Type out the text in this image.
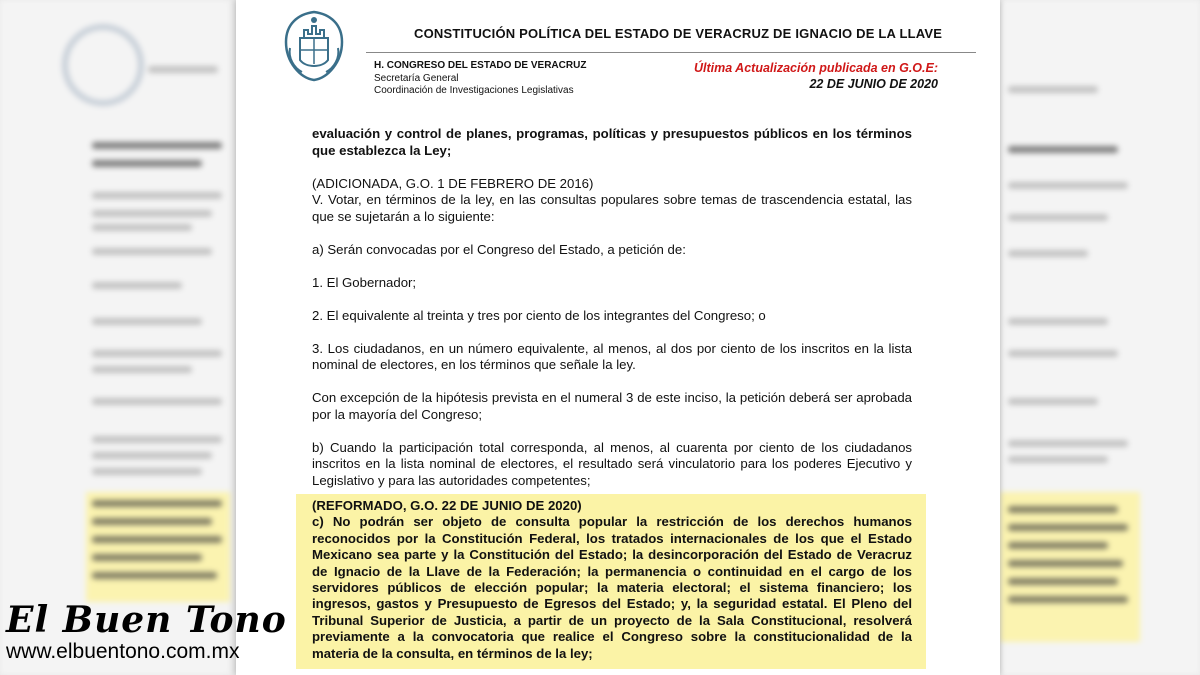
CONSTITUCIÓN POLÍTICA DEL ESTADO DE VERACRUZ DE IGNACIO DE LA LLAVE
H. CONGRESO DEL ESTADO DE VERACRUZ
Secretaría General
Coordinación de Investigaciones Legislativas
Última Actualización publicada en G.O.E:
22 DE JUNIO DE 2020

evaluación y control de planes, programas, políticas y presupuestos públicos en los términos que establezca la Ley;

(ADICIONADA, G.O. 1 DE FEBRERO DE 2016)

V. Votar, en términos de la ley, en las consultas populares sobre temas de trascendencia estatal, las que se sujetarán a lo siguiente:

a) Serán convocadas por el Congreso del Estado, a petición de:

1. El Gobernador;

2. El equivalente al treinta y tres por ciento de los integrantes del Congreso; o

3. Los ciudadanos, en un número equivalente, al menos, al dos por ciento de los inscritos en la lista nominal de electores, en los términos que señale la ley.

Con excepción de la hipótesis prevista en el numeral 3 de este inciso, la petición deberá ser aprobada por la mayoría del Congreso;

b) Cuando la participación total corresponda, al menos, al cuarenta por ciento de los ciudadanos inscritos en la lista nominal de electores, el resultado será vinculatorio para los poderes Ejecutivo y Legislativo y para las autoridades competentes;

(REFORMADO, G.O. 22 DE JUNIO DE 2020)

c) No podrán ser objeto de consulta popular la restricción de los derechos humanos reconocidos por la Constitución Federal, los tratados internacionales de los que el Estado Mexicano sea parte y la Constitución del Estado; la desincorporación del Estado de Veracruz de Ignacio de la Llave de la Federación; la permanencia o continuidad en el cargo de los servidores públicos de elección popular; la materia electoral; el sistema financiero; los ingresos, gastos y Presupuesto de Egresos del Estado; y, la seguridad estatal. El Pleno del Tribunal Superior de Justicia, a partir de un proyecto de la Sala Constitucional, resolverá previamente a la convocatoria que realice el Congreso sobre la constitucionalidad de la materia de la consulta, en términos de la ley;

El Buen Tono
www.elbuentono.com.mx
